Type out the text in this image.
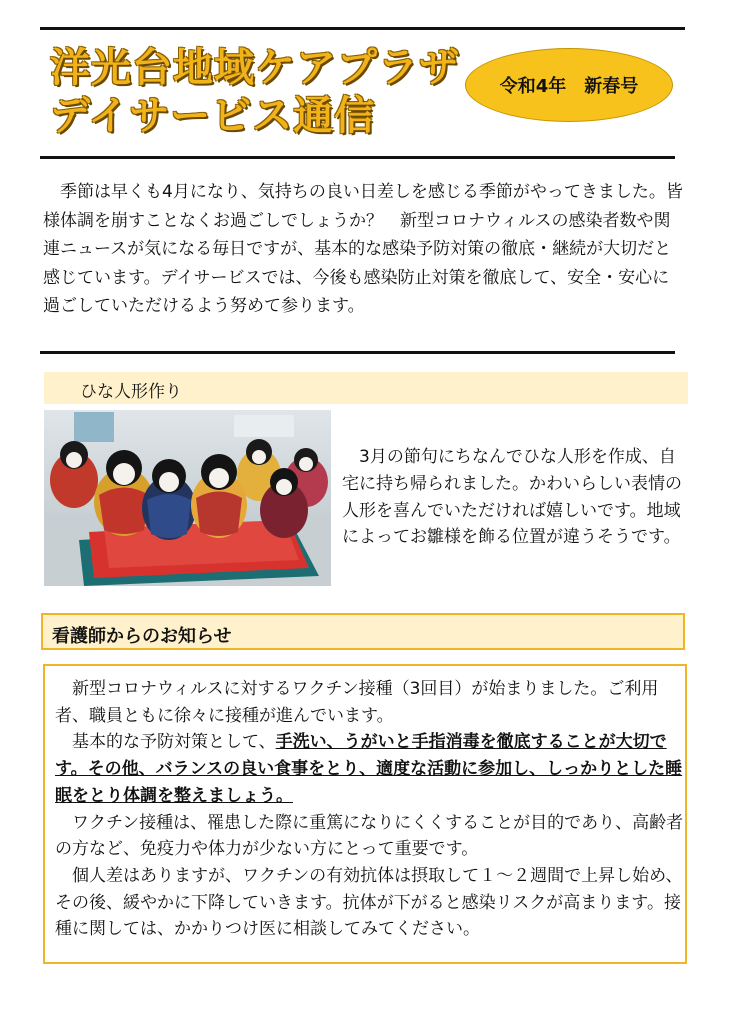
洋光台地域ケアプラザ
デイサービス通信
令和4年　新春号

季節は早くも4月になり、気持ちの良い日差しを感じる季節がやってきました。皆様体調を崩すことなくお過ごしでしょうか？　新型コロナウィルスの感染者数や関連ニュースが気になる毎日ですが、基本的な感染予防対策の徹底・継続が大切だと感じています。デイサービスでは、今後も感染防止対策を徹底して、安全・安心に過ごしていただけるよう努めて参ります。

ひな人形作り

3月の節句にちなんでひな人形を作成、自宅に持ち帰られました。かわいらしい表情の人形を喜んでいただければ嬉しいです。地域によってお雛様を飾る位置が違うそうです。

看護師からのお知らせ

新型コロナウィルスに対するワクチン接種（3回目）が始まりました。ご利用者、職員ともに徐々に接種が進んでいます。

基本的な予防対策として、手洗い、うがいと手指消毒を徹底することが大切です。その他、バランスの良い食事をとり、適度な活動に参加し、しっかりとした睡眠をとり体調を整えましょう。

ワクチン接種は、罹患した際に重篤になりにくくすることが目的であり、高齢者の方など、免疫力や体力が少ない方にとって重要です。

個人差はありますが、ワクチンの有効抗体は摂取して１～２週間で上昇し始め、その後、緩やかに下降していきます。抗体が下がると感染リスクが高まります。接種に関しては、かかりつけ医に相談してみてください。
